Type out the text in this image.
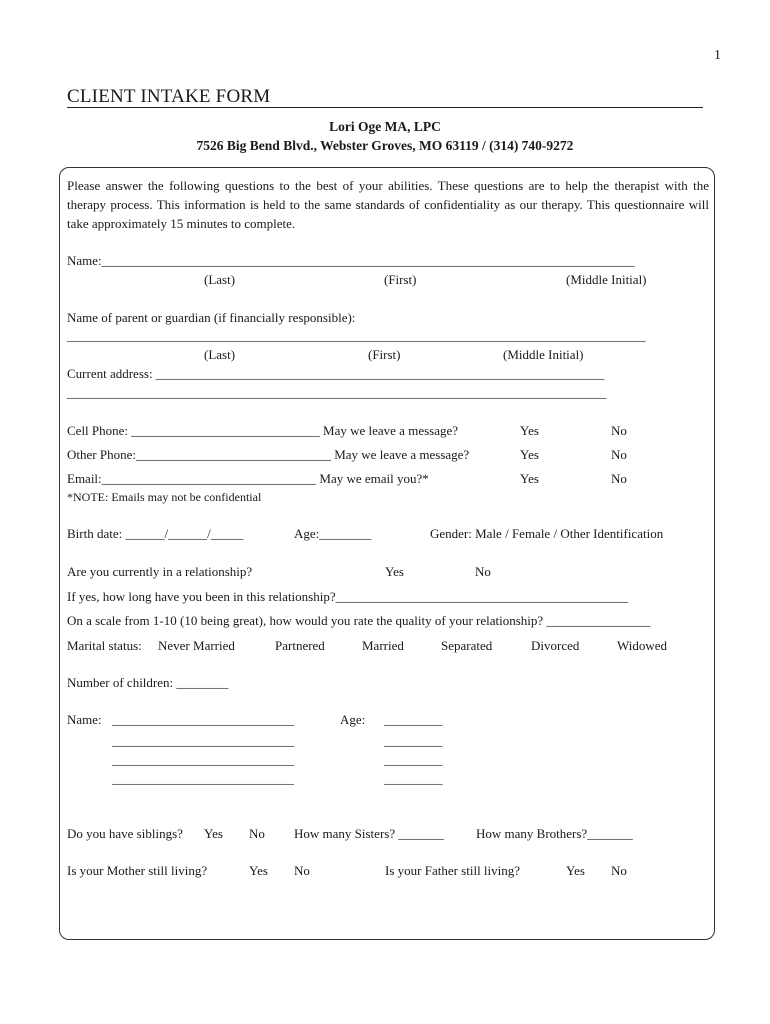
1
CLIENT INTAKE FORM
Lori Oge MA, LPC
7526 Big Bend Blvd., Webster Groves, MO 63119 / (314) 740-9272
Please answer the following questions to the best of your abilities. These questions are to help the therapist with the therapy process. This information is held to the same standards of confidentiality as our therapy. This questionnaire will take approximately 15 minutes to complete.
Name:__________________________________________________________________________________
(Last)	(First)	(Middle Initial)
Name of parent or guardian (if financially responsible):
_________________________________________________________________________________________
(Last)	(First)	(Middle Initial)
Current address: _____________________________________________________________________
___________________________________________________________________________________
Cell Phone: _____________________________ May we leave a message?	Yes	No
Other Phone:______________________________ May we leave a message?	Yes	No
Email:_________________________________ May we email you?*	Yes	No
*NOTE: Emails may not be confidential
Birth date: ______/______/_____	Age:________	Gender: Male / Female / Other Identification
Are you currently in a relationship?	Yes	No
If yes, how long have you been in this relationship?_____________________________________________
On a scale from 1-10 (10 being great), how would you rate the quality of your relationship? ________________
Marital status: Never Married	Partnered	Married	Separated	Divorced	Widowed
Number of children: ________
Name:	Age:
____________________________	_________
____________________________	_________
____________________________	_________
____________________________	_________
Do you have siblings? Yes No How many Sisters? _______ How many Brothers?_______
Is your Mother still living?	Yes No	Is your Father still living?	Yes No
